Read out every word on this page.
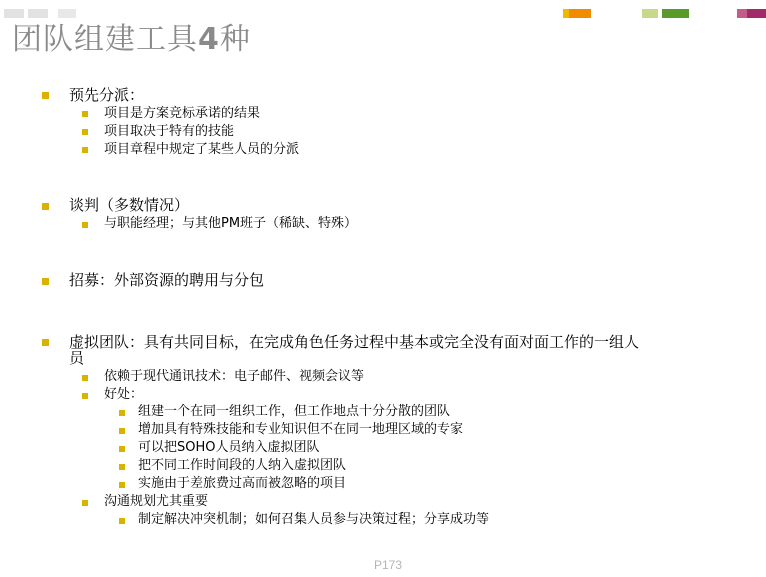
团队组建工具4种
预先分派：
项目是方案竞标承诺的结果
项目取决于特有的技能
项目章程中规定了某些人员的分派
谈判（多数情况）
与职能经理；与其他PM班子（稀缺、特殊）
招募：外部资源的聘用与分包
虚拟团队：具有共同目标，在完成角色任务过程中基本或完全没有面对面工作的一组人
员
依赖于现代通讯技术：电子邮件、视频会议等
好处：
组建一个在同一组织工作，但工作地点十分分散的团队
增加具有特殊技能和专业知识但不在同一地理区域的专家
可以把SOHO人员纳入虚拟团队
把不同工作时间段的人纳入虚拟团队
实施由于差旅费过高而被忽略的项目
沟通规划尤其重要
制定解决冲突机制；如何召集人员参与决策过程；分享成功等
P173
